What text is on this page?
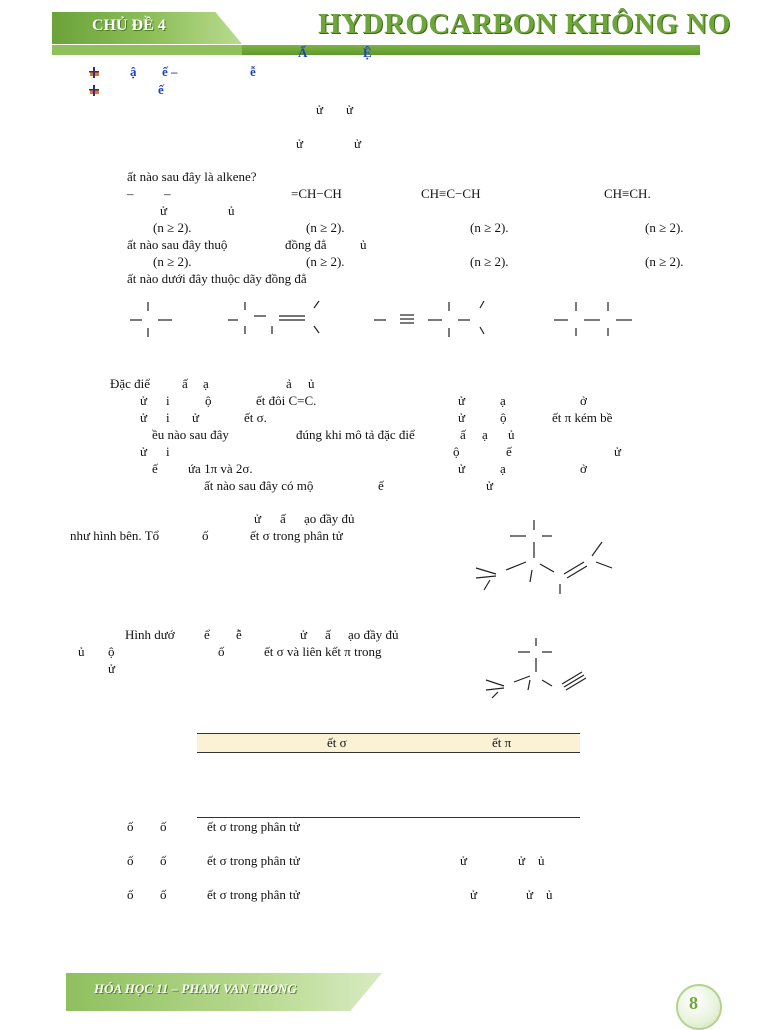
CHỦ ĐỀ 4	HYDROCARBON KHÔNG NO
Ấ	Ệ
ậ ế –	ễ
ế
ử ử
ử	ử
ất nào sau đây là alkene?
– –	=CH−CH	CH≡C−CH	CH≡CH.
ử	ủ
(n ≥ 2).	(n ≥ 2).	(n ≥ 2).	(n ≥ 2).
ất nào sau đây thuộ	đồng đẳ	ủ
(n ≥ 2).	(n ≥ 2).	(n ≥ 2).	(n ≥ 2).
ất nào dưới đây thuộc dãy đồng đẳ
Đặc điể ấ ạ	ả ủ
ử i	ộ	ết đôi C=C.	ử	ạ	ở
ử i ử	ết σ.	ử	ộ	ết π kém bề
ều nào sau đây	đúng khi mô tả đặc điể	ấ ạ ủ
ử i	ộ	ế	ử
ế ứa 1π và 2σ.	ử	ạ	ở
ất nào sau đây có mộ	ế	ử
ử ấ ạo đầy đủ
như hình bên. Tổ	ố	ết σ trong phân tử
Hình dướ ể ễ	ử ấ ạo đầy đủ
ủ ộ	ố	ết σ và liên kết π trong
ử
ết σ	ết π
ố ố	ết σ trong phân tử
ố ố	ết σ trong phân tử	ử	ử ủ
ố ố	ết σ trong phân tử	ử	ử ủ
HÓA HỌC 11 – PHAM VAN TRONG
8
